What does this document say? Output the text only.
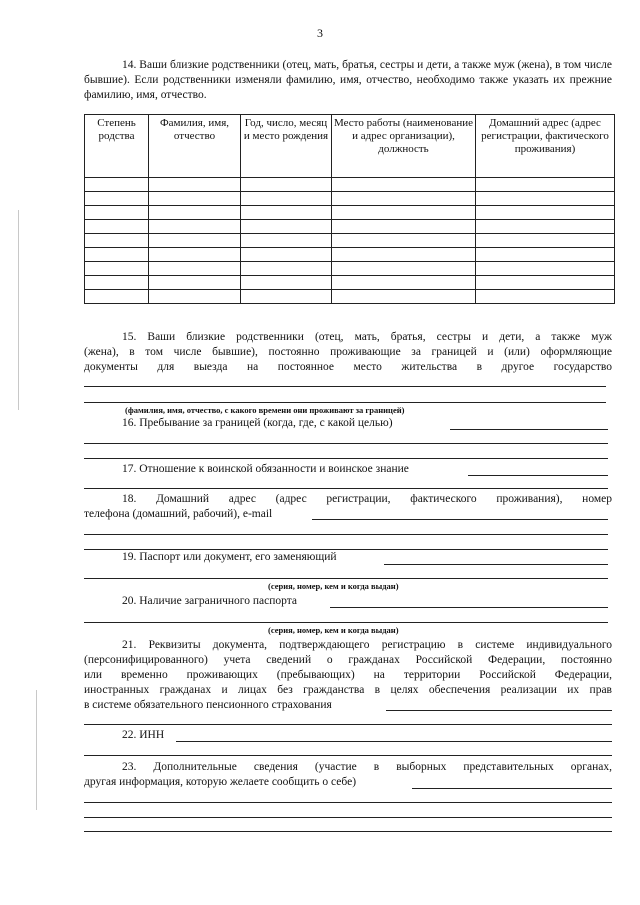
3
14. Ваши близкие родственники (отец, мать, братья, сестры и дети, а также муж (жена), в том числе бывшие). Если родственники изменяли фамилию, имя, отчество, необходимо также указать их прежние фамилию, имя, отчество.
Степень родства	Фамилия, имя, отчество	Год, число, месяц и место рождения	Место работы (наименование и адрес организации), должность	Домашний адрес (адрес регистрации, фактического проживания)

15. Ваши близкие родственники (отец, мать, братья, сестры и дети, а также муж
(жена), в том числе бывшие), постоянно проживающие за границей и (или) оформляющие
документы для выезда на постоянное место жительства в другое государство
(фамилия, имя, отчество, с какого времени они проживают за границей)
16. Пребывание за границей (когда, где, с какой целью)
17. Отношение к воинской обязанности и воинское знание
18. Домашний адрес (адрес регистрации, фактического проживания), номер
телефона (домашний, рабочий), e-mail
19. Паспорт или документ, его заменяющий
(серия, номер, кем и когда выдан)
20. Наличие заграничного паспорта
(серия, номер, кем и когда выдан)
21. Реквизиты документа, подтверждающего регистрацию в системе индивидуального
(персонифицированного) учета сведений о гражданах Российской Федерации, постоянно
или временно проживающих (пребывающих) на территории Российской Федерации,
иностранных гражданах и лицах без гражданства в целях обеспечения реализации их прав
в системе обязательного пенсионного страхования
22. ИНН
23. Дополнительные сведения (участие в выборных представительных органах,
другая информация, которую желаете сообщить о себе)
